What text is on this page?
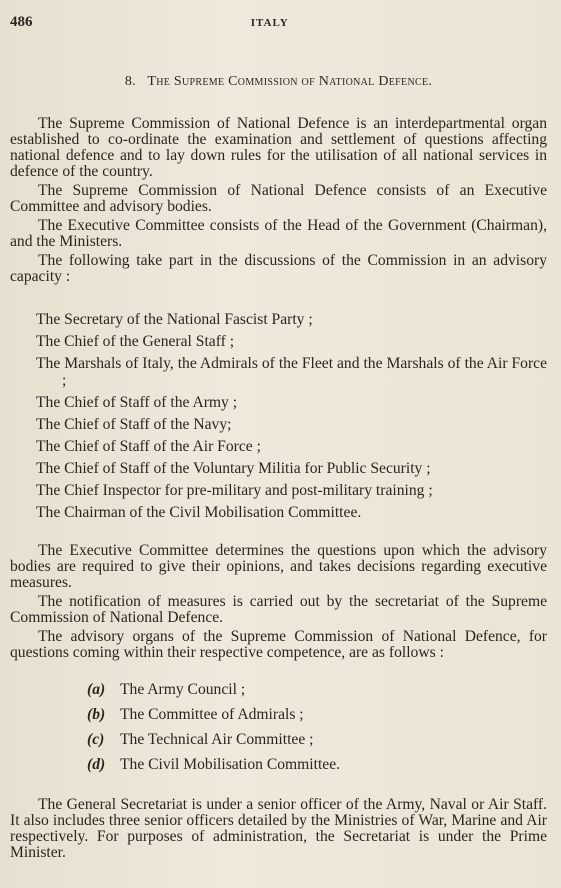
486	ITALY
8. The Supreme Commission of National Defence.

The Supreme Commission of National Defence is an interdepartmental organ established to co-ordinate the examination and settlement of questions affecting national defence and to lay down rules for the utilisation of all national services in defence of the country.

The Supreme Commission of National Defence consists of an Executive Committee and advisory bodies.

The Executive Committee consists of the Head of the Government (Chairman), and the Ministers.

The following take part in the discussions of the Commission in an advisory capacity :

The Secretary of the National Fascist Party ;
The Chief of the General Staff ;
The Marshals of Italy, the Admirals of the Fleet and the Marshals of the Air Force ;
The Chief of Staff of the Army ;
The Chief of Staff of the Navy;
The Chief of Staff of the Air Force ;
The Chief of Staff of the Voluntary Militia for Public Security ;
The Chief Inspector for pre-military and post-military training ;
The Chairman of the Civil Mobilisation Committee.

The Executive Committee determines the questions upon which the advisory bodies are required to give their opinions, and takes decisions regarding executive measures.

The notification of measures is carried out by the secretariat of the Supreme Commission of National Defence.

The advisory organs of the Supreme Commission of National Defence, for questions coming within their respective competence, are as follows :

(a) The Army Council ;
(b) The Committee of Admirals ;
(c) The Technical Air Committee ;
(d) The Civil Mobilisation Committee.

The General Secretariat is under a senior officer of the Army, Naval or Air Staff. It also includes three senior officers detailed by the Ministries of War, Marine and Air respectively. For purposes of administration, the Secretariat is under the Prime Minister.
